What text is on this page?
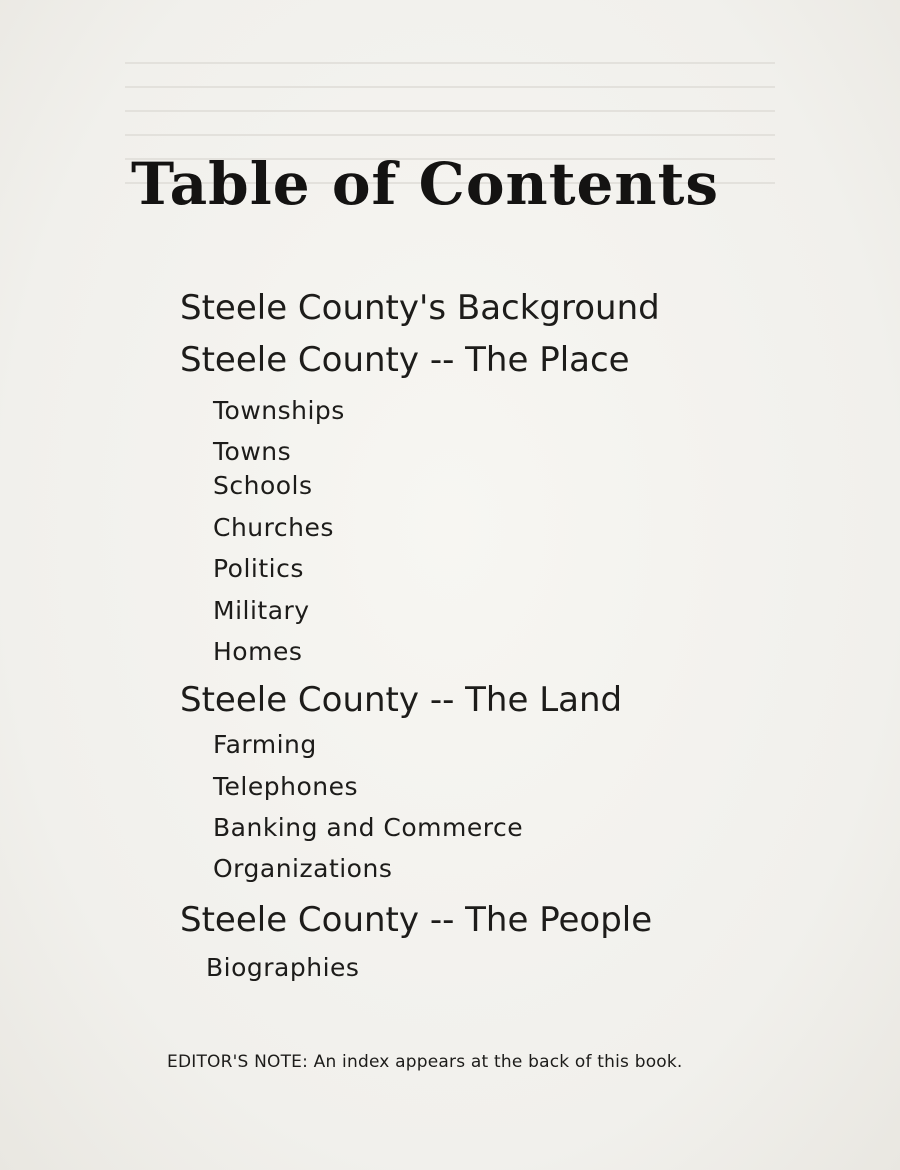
Table of Contents
Steele County's Background
Steele County -- The Place
Townships
Towns
Schools
Churches
Politics
Military
Homes
Steele County -- The Land
Farming
Telephones
Banking and Commerce
Organizations
Steele County -- The People
Biographies
EDITOR'S NOTE: An index appears at the back of this book.
